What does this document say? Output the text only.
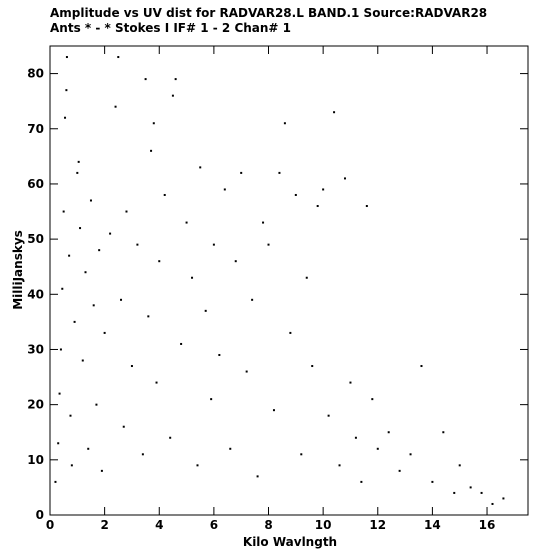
Amplitude vs UV dist for RADVAR28.L BAND.1 Source:RADVAR28
Ants * - * Stokes I IF# 1 - 2 Chan# 1
0	2	4	6	8	10	12	14	16
0
10
20
30
40
50
60
70
80
Kilo Wavlngth
MilliJanskys
